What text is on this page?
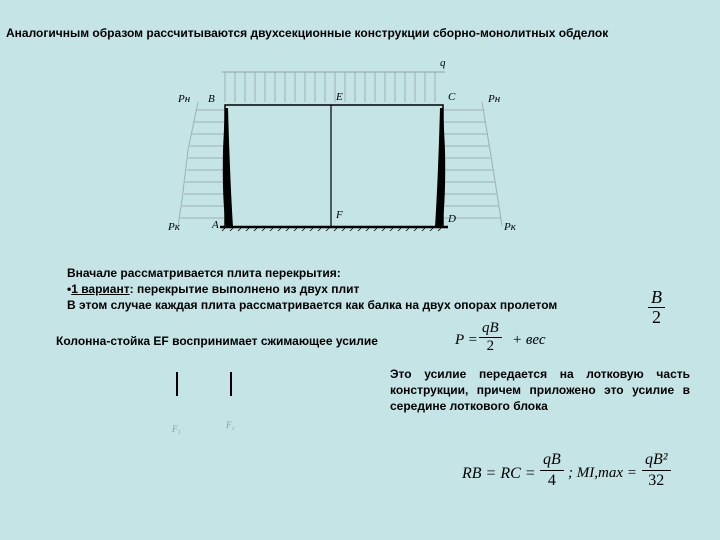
Аналогичным образом рассчитываются двухсекционные конструкции сборно-монолитных обделок
q
Pн	Pн
Pк	Pк
B	E	C
A
F	D
Вначале рассматривается плита перекрытия:
•1 вариант: перекрытие выполнено из двух плит
В этом случае каждая плита рассматривается как балка на двух опорах пролетом	$\frac{B}{2}$
Колонна-стойка EF воспринимает сжимающее усилие	$P = \frac{qB}{2}$ + вес
F₁	F₂
Это усилие передается на лотковую часть конструкции, причем приложено это усилие в середине лоткового блока
RB = RC = $\frac{qB}{4}$ ; $MI,\max = \frac{\text{qB²}}{32}$
